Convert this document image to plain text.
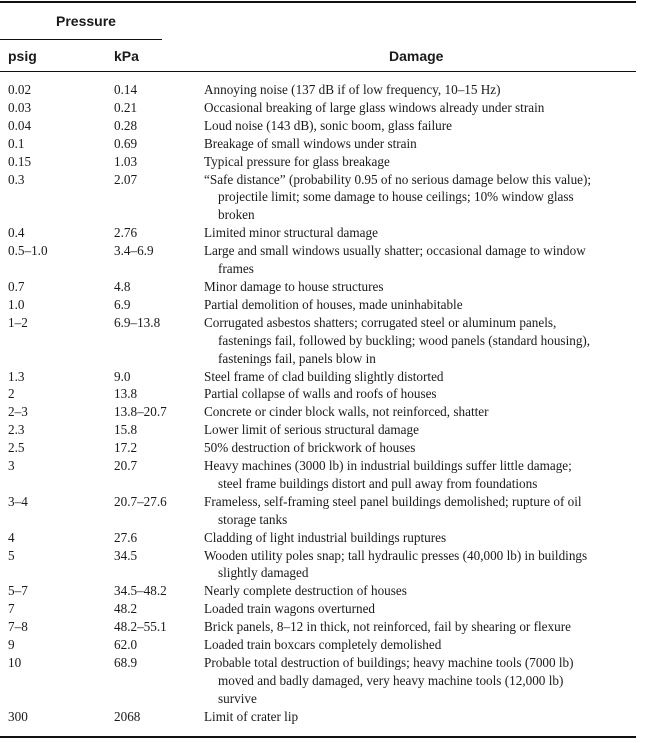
Pressure
psig	kPa	Damage
0.02	0.14	Annoying noise (137 dB if of low frequency, 10–15 Hz)
0.03	0.21	Occasional breaking of large glass windows already under strain
0.04	0.28	Loud noise (143 dB), sonic boom, glass failure
0.1	0.69	Breakage of small windows under strain
0.15	1.03	Typical pressure for glass breakage
0.3	2.07	“Safe distance” (probability 0.95 of no serious damage below this value);
projectile limit; some damage to house ceilings; 10% window glass
broken
0.4	2.76	Limited minor structural damage
0.5–1.0	3.4–6.9	Large and small windows usually shatter; occasional damage to window
frames
0.7	4.8	Minor damage to house structures
1.0	6.9	Partial demolition of houses, made uninhabitable
1–2	6.9–13.8	Corrugated asbestos shatters; corrugated steel or aluminum panels,
fastenings fail, followed by buckling; wood panels (standard housing),
fastenings fail, panels blow in
1.3	9.0	Steel frame of clad building slightly distorted
2	13.8	Partial collapse of walls and roofs of houses
2–3	13.8–20.7	Concrete or cinder block walls, not reinforced, shatter
2.3	15.8	Lower limit of serious structural damage
2.5	17.2	50% destruction of brickwork of houses
3	20.7	Heavy machines (3000 lb) in industrial buildings suffer little damage;
steel frame buildings distort and pull away from foundations
3–4	20.7–27.6	Frameless, self-framing steel panel buildings demolished; rupture of oil
storage tanks
4	27.6	Cladding of light industrial buildings ruptures
5	34.5	Wooden utility poles snap; tall hydraulic presses (40,000 lb) in buildings
slightly damaged
5–7	34.5–48.2	Nearly complete destruction of houses
7	48.2	Loaded train wagons overturned
7–8	48.2–55.1	Brick panels, 8–12 in thick, not reinforced, fail by shearing or flexure
9	62.0	Loaded train boxcars completely demolished
10	68.9	Probable total destruction of buildings; heavy machine tools (7000 lb)
moved and badly damaged, very heavy machine tools (12,000 lb)
survive
300	2068	Limit of crater lip
